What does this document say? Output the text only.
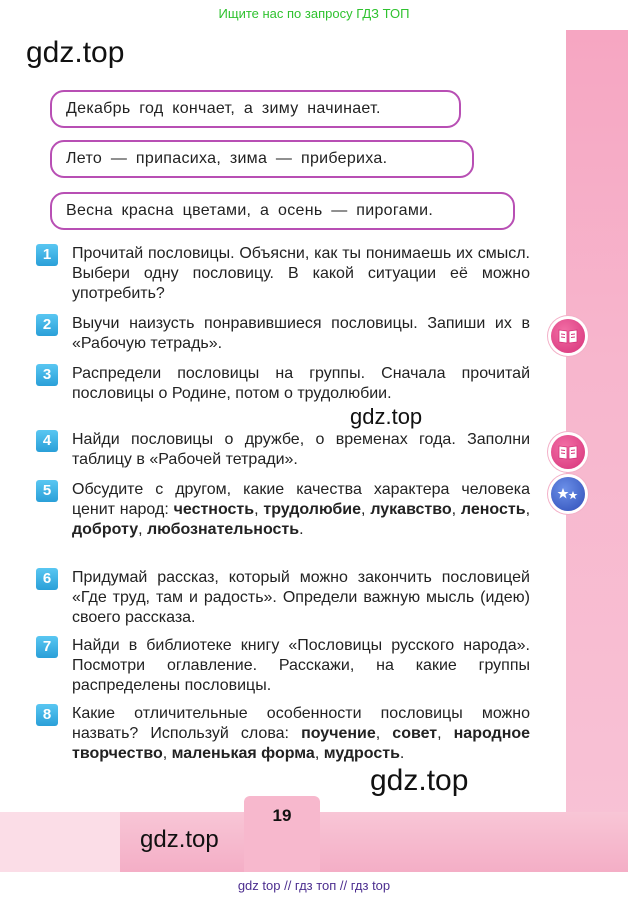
Ищите нас по запросу ГДЗ ТОП
gdz.top
Декабрь год кончает, а зиму начинает.
Лето — припасиха, зима — прибериха.
Весна красна цветами, а осень — пирогами.
1	Прочитай пословицы. Объясни, как ты понимаешь их смысл. Выбери одну пословицу. В какой ситуации её можно употребить?
2	Выучи наизусть понравившиеся пословицы. Запиши их в «Рабочую тетрадь».
3	Распредели пословицы на группы. Сначала прочитай пословицы о Родине, потом о трудолюбии.
gdz.top
4	Найди пословицы о дружбе, о временах года. Заполни таблицу в «Рабочей тетради».
5	Обсудите с другом, какие качества характера человека ценит народ: честность, трудолюбие, лукавство, леность, доброту, любознательность.
6	Придумай рассказ, который можно закончить пословицей «Где труд, там и радость». Определи важную мысль (идею) своего рассказа.
7	Найди в библиотеке книгу «Пословицы русского народа». Посмотри оглавление. Расскажи, на какие группы распределены пословицы.
8	Какие отличительные особенности пословицы можно назвать? Используй слова: поучение, совет, народное творчество, маленькая форма, мудрость.
gdz.top
19
gdz.top
gdz top // гдз топ // гдз top
